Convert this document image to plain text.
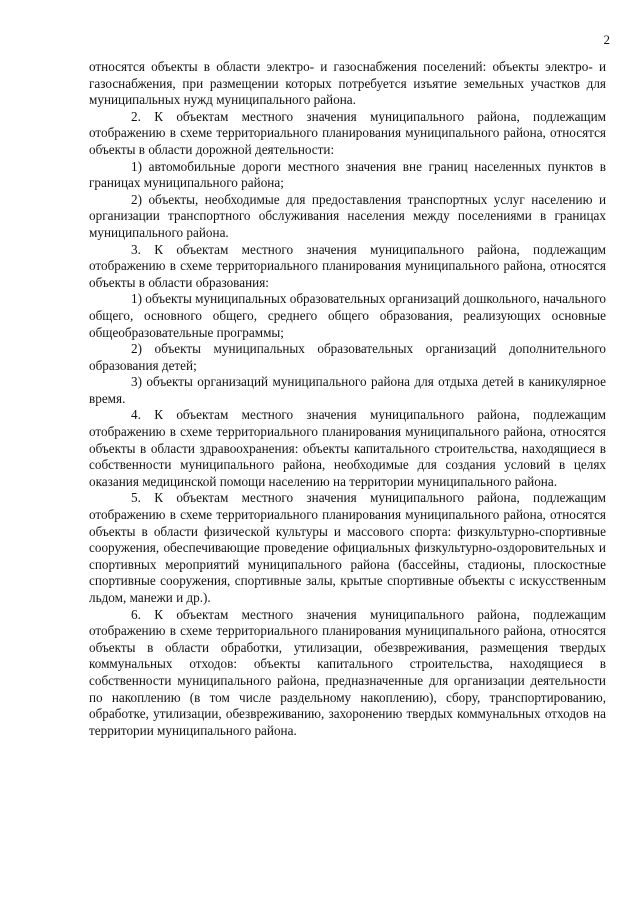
2

относятся объекты в области электро- и газоснабжения поселений: объекты электро- и газоснабжения, при размещении которых потребуется изъятие земельных участков для муниципальных нужд муниципального района.

2. К объектам местного значения муниципального района, подлежащим отображению в схеме территориального планирования муниципального района, относятся объекты в области дорожной деятельности:

1) автомобильные дороги местного значения вне границ населенных пунктов в границах муниципального района;

2) объекты, необходимые для предоставления транспортных услуг населению и организации транспортного обслуживания населения между поселениями в границах муниципального района.

3. К объектам местного значения муниципального района, подлежащим отображению в схеме территориального планирования муниципального района, относятся объекты в области образования:

1) объекты муниципальных образовательных организаций дошкольного, начального общего, основного общего, среднего общего образования, реализующих основные общеобразовательные программы;

2) объекты муниципальных образовательных организаций дополнительного образования детей;

3) объекты организаций муниципального района для отдыха детей в каникулярное время.

4. К объектам местного значения муниципального района, подлежащим отображению в схеме территориального планирования муниципального района, относятся объекты в области здравоохранения: объекты капитального строительства, находящиеся в собственности муниципального района, необходимые для создания условий в целях оказания медицинской помощи населению на территории муниципального района.

5. К объектам местного значения муниципального района, подлежащим отображению в схеме территориального планирования муниципального района, относятся объекты в области физической культуры и массового спорта: физкультурно-спортивные сооружения, обеспечивающие проведение официальных физкультурно-оздоровительных и спортивных мероприятий муниципального района (бассейны, стадионы, плоскостные спортивные сооружения, спортивные залы, крытые спортивные объекты с искусственным льдом, манежи и др.).

6. К объектам местного значения муниципального района, подлежащим отображению в схеме территориального планирования муниципального района, относятся объекты в области обработки, утилизации, обезвреживания, размещения твердых коммунальных отходов: объекты капитального строительства, находящиеся в собственности муниципального района, предназначенные для организации деятельности по накоплению (в том числе раздельному накоплению), сбору, транспортированию, обработке, утилизации, обезвреживанию, захоронению твердых коммунальных отходов на территории муниципального района.
